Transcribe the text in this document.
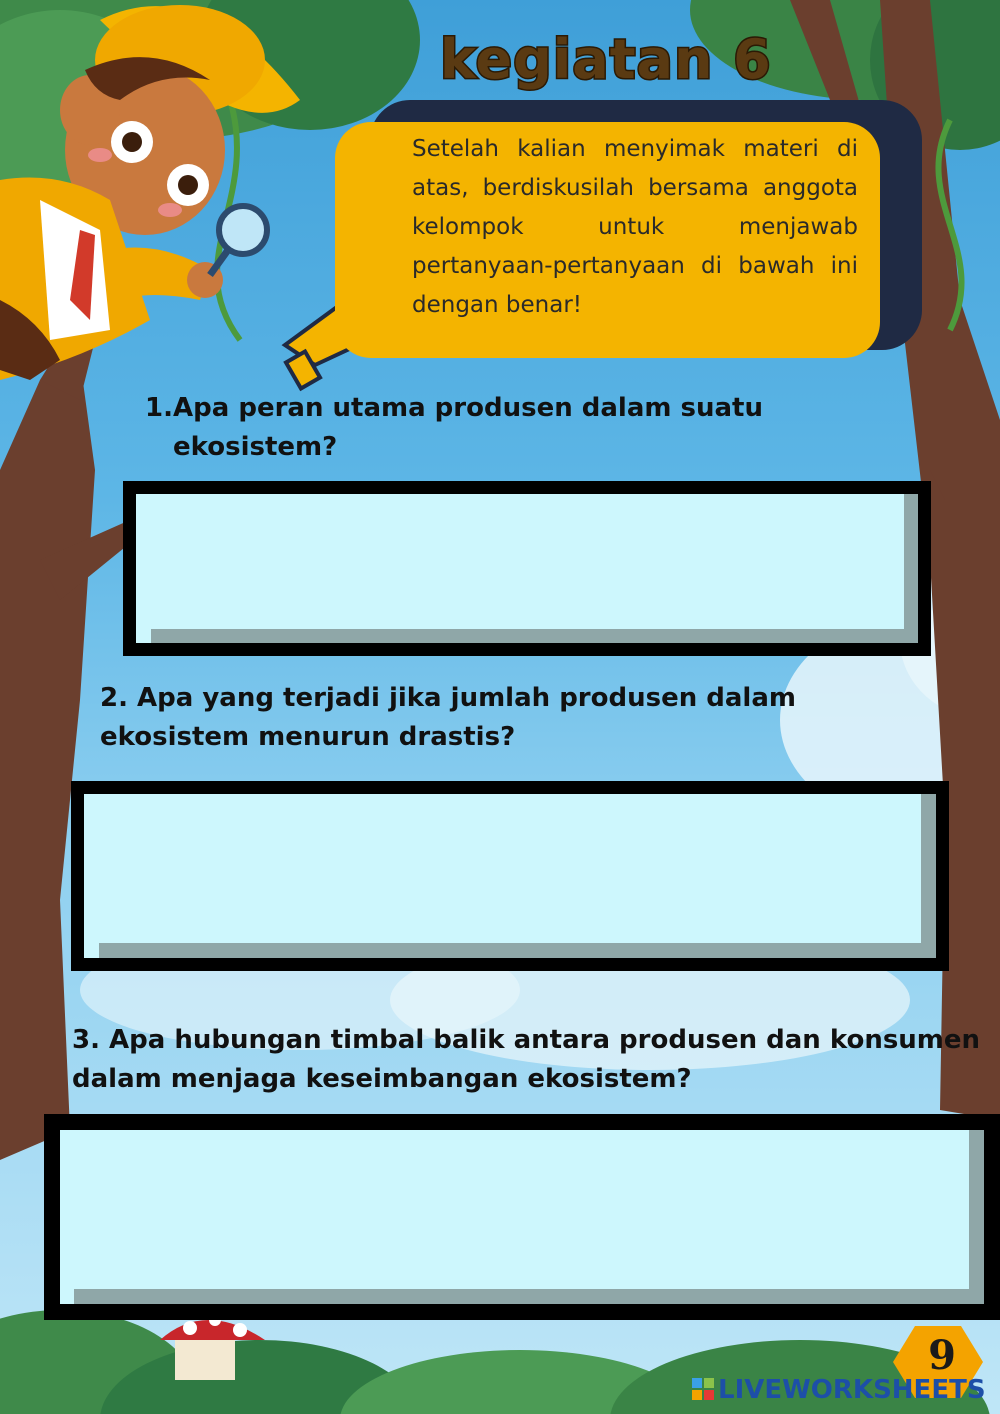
kegiatan 6
Setelah kalian menyimak materi di atas, berdiskusilah bersama anggota kelompok untuk menjawab pertanyaan-pertanyaan di bawah ini dengan benar!
1. Apa peran utama produsen dalam suatu ekosistem?
2. Apa yang terjadi jika jumlah produsen dalam ekosistem menurun drastis?
3. Apa hubungan timbal balik antara produsen dan konsumen dalam menjaga keseimbangan ekosistem?
9
LIVEWORKSHEETS
